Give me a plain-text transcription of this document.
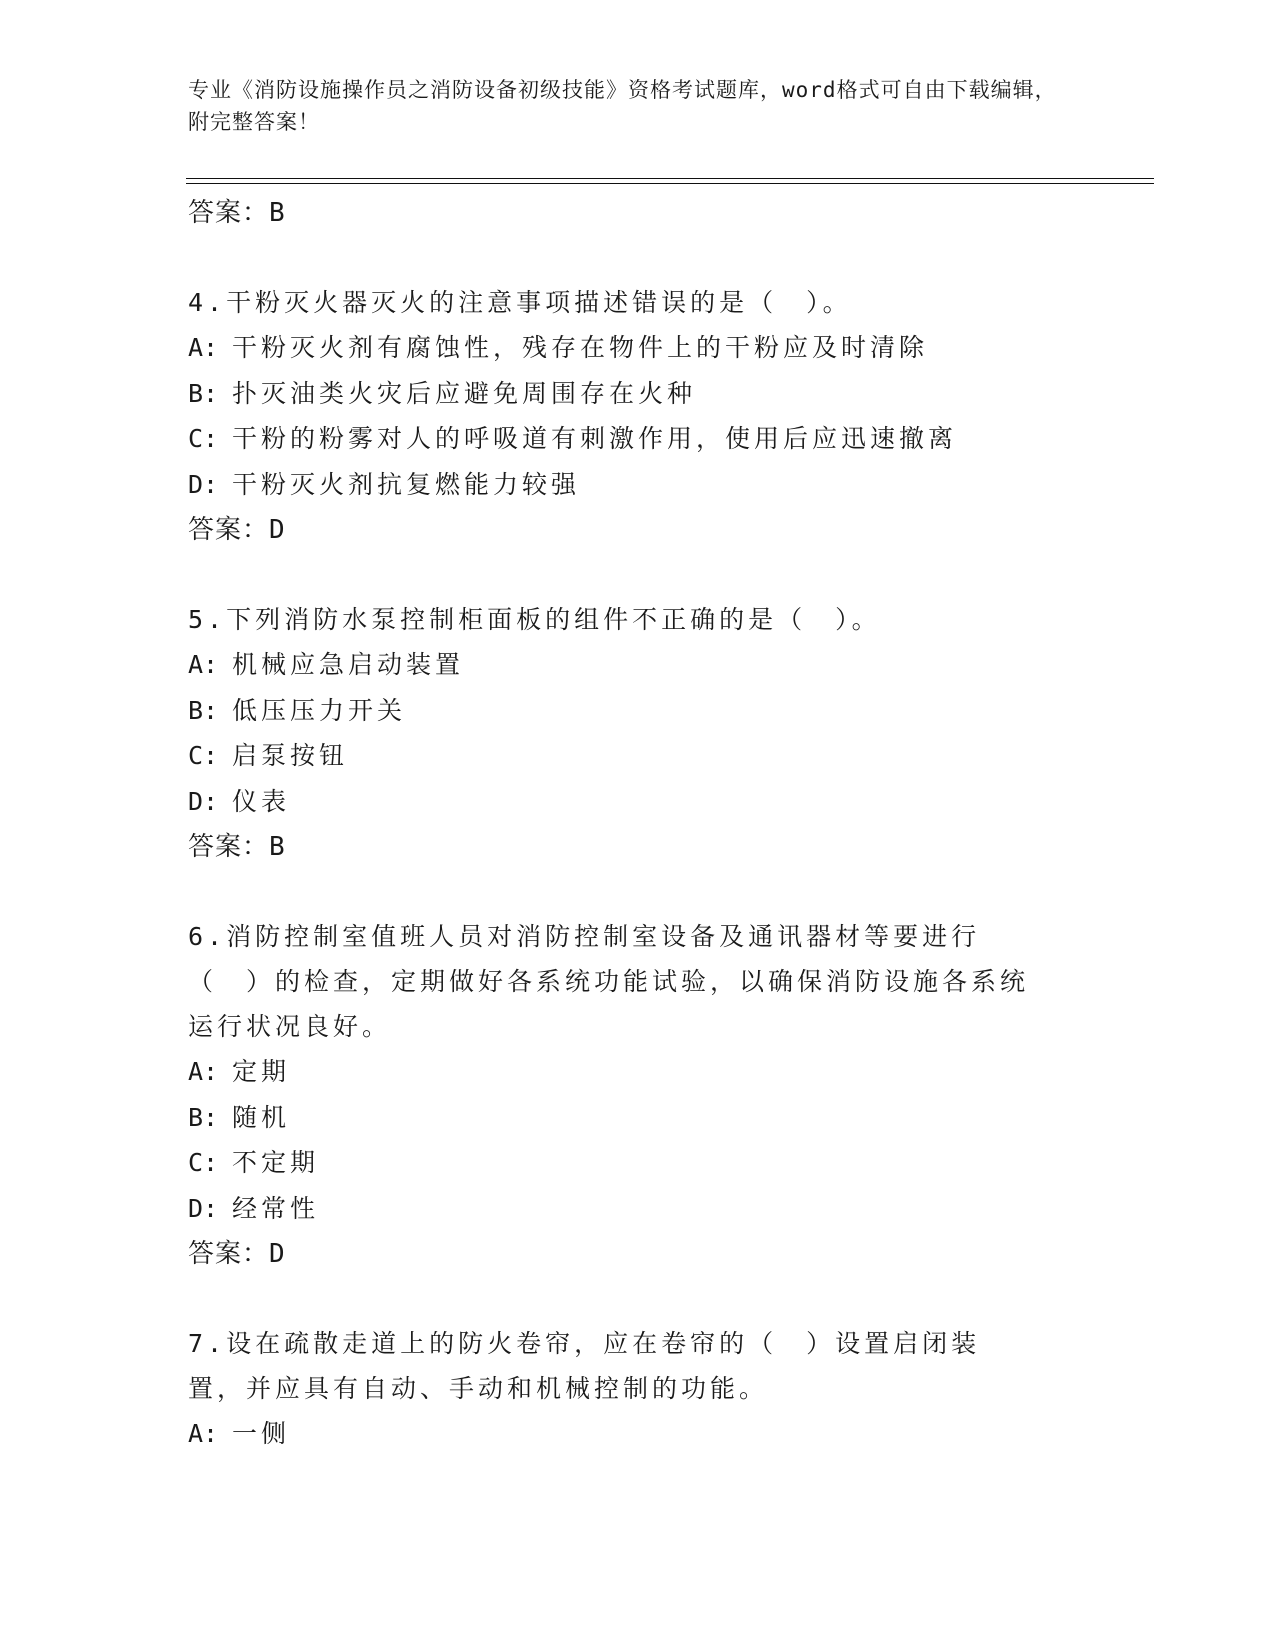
专业《消防设施操作员之消防设备初级技能》资格考试题库，word格式可自由下载编辑，附完整答案！
答案：B
4.干粉灭火器灭火的注意事项描述错误的是（　）。
A: 干粉灭火剂有腐蚀性，残存在物件上的干粉应及时清除
B: 扑灭油类火灾后应避免周围存在火种
C: 干粉的粉雾对人的呼吸道有刺激作用，使用后应迅速撤离
D: 干粉灭火剂抗复燃能力较强
答案：D
5.下列消防水泵控制柜面板的组件不正确的是（　）。
A: 机械应急启动装置
B: 低压压力开关
C: 启泵按钮
D: 仪表
答案：B
6.消防控制室值班人员对消防控制室设备及通讯器材等要进行（　）的检查，定期做好各系统功能试验，以确保消防设施各系统运行状况良好。
A: 定期
B: 随机
C: 不定期
D: 经常性
答案：D
7.设在疏散走道上的防火卷帘，应在卷帘的（　）设置启闭装置，并应具有自动、手动和机械控制的功能。
A: 一侧
